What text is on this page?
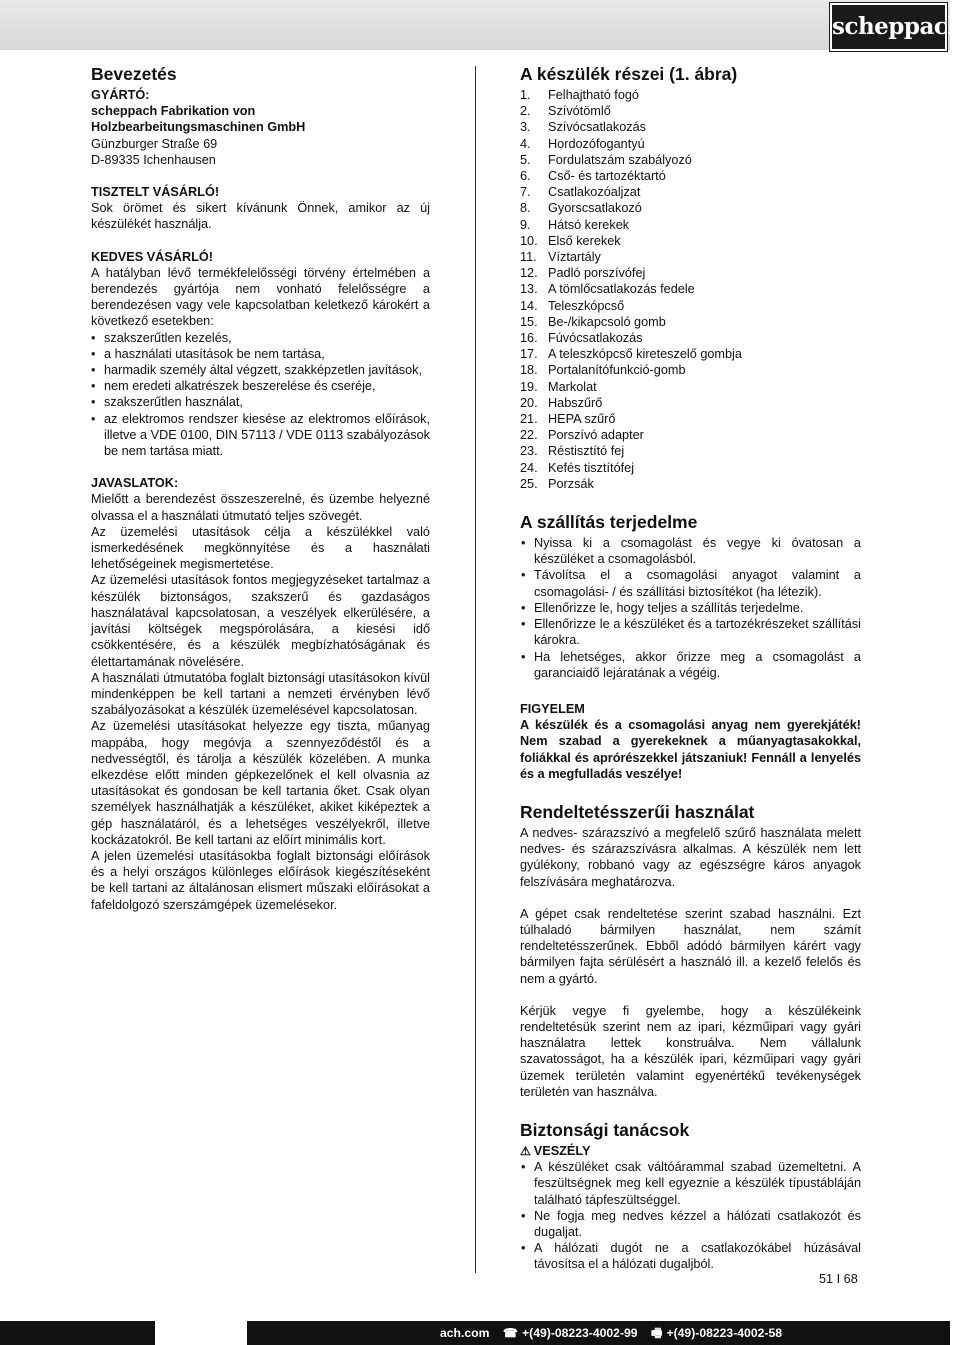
scheppach
Bevezetés
GYÁRTÓ:
scheppach Fabrikation von
Holzbearbeitungsmaschinen GmbH
Günzburger Straße 69
D-89335 Ichenhausen
TISZTELT VÁSÁRLÓ!

Sok örömet és sikert kívánunk Önnek, amikor az új készülékét használja.

KEDVES VÁSÁRLÓ!

A hatályban lévő termékfelelősségi törvény értelmében a berendezés gyártója nem vonható felelősségre a berendezésen vagy vele kapcsolatban keletkező károkért a következő esetekben:

• szakszerűtlen kezelés,
• a használati utasítások be nem tartása,
• harmadik személy által végzett, szakképzetlen javítások,
• nem eredeti alkatrészek beszerelése és cseréje,
• szakszerűtlen használat,
• az elektromos rendszer kiesése az elektromos előírások, illetve a VDE 0100, DIN 57113 / VDE 0113 szabályozások be nem tartása miatt.
JAVASLATOK:

Mielőtt a berendezést összeszerelné, és üzembe helyezné olvassa el a használati útmutató teljes szövegét.

Az üzemelési utasítások célja a készülékkel való ismerkedésének megkönnyítése és a használati lehetőségeinek megismertetése.

Az üzemelési utasítások fontos megjegyzéseket tartalmaz a készülék biztonságos, szakszerű és gazdaságos használatával kapcsolatosan, a veszélyek elkerülésére, a javítási költségek megspórolására, a kiesési idő csökkentésére, és a készülék megbízhatóságának és élettartamának növelésére.

A használati útmutatóba foglalt biztonsági utasításokon kívül mindenképpen be kell tartani a nemzeti érvényben lévő szabályozásokat a készülék üzemelésével kapcsolatosan.

Az üzemelési utasításokat helyezze egy tiszta, műanyag mappába, hogy megóvja a szennyeződéstől és a nedvességtől, és tárolja a készülék közelében. A munka elkezdése előtt minden gépkezelőnek el kell olvasnia az utasításokat és gondosan be kell tartania őket. Csak olyan személyek használhatják a készüléket, akiket kiképeztek a gép használatáról, és a lehetséges veszélyekről, illetve kockázatokról. Be kell tartani az előírt minimális kort.

A jelen üzemelési utasításokba foglalt biztonsági előírások és a helyi országos különleges előírások kiegészítéseként be kell tartani az általánosan elismert műszaki előírásokat a fafeldolgozó szerszámgépek üzemelésekor.

A készülék részei (1. ábra)
1.	Felhajtható fogó
2.	Szívótömlő
3.	Szívócsatlakozás
4.	Hordozófogantyú
5.	Fordulatszám szabályozó
6.	Cső- és tartozéktartó
7.	Csatlakozóaljzat
8.	Gyorscsatlakozó
9.	Hátsó kerekek
10. Első kerekek
11. Víztartály
12. Padló porszívófej
13. A tömlőcsatlakozás fedele
14. Teleszkópcső
15. Be-/kikapcsoló gomb
16. Fúvócsatlakozás
17. A teleszkópcső kireteszelő gombja
18. Portalanítófunkció-gomb
19. Markolat
20. Habszűrő
21. HEPA szűrő
22. Porszívó adapter
23. Réstisztító fej
24. Kefés tisztítófej
25. Porzsák
A szállítás terjedelme
• Nyissa ki a csomagolást és vegye ki óvatosan a készüléket a csomagolásból.
• Távolítsa el a csomagolási anyagot valamint a csomagolási- / és szállítási biztosítékot (ha létezik).
• Ellenőrizze le, hogy teljes a szállítás terjedelme.
• Ellenőrizze le a készüléket és a tartozékrészeket szállítási károkra.
• Ha lehetséges, akkor őrizze meg a csomagolást a garanciaidő lejáratának a végéig.
FIGYELEM

A készülék és a csomagolási anyag nem gyerekjáték! Nem szabad a gyerekeknek a műanyagtasakokkal, foliákkal és aprórészekkel játszaniuk! Fennáll a lenyelés és a megfulladás veszélye!

Rendeltetésszerűi használat

A nedves- szárazszívó a megfelelő szűrő használata melett nedves- és szárazszívásra alkalmas. A készülék nem lett gyúlékony, robbanó vagy az egészségre káros anyagok felszívására meghatározva.

A gépet csak rendeltetése szerint szabad használni. Ezt túlhaladó bármilyen használat, nem számít rendeltetésszerűnek. Ebből adódó bármilyen kárért vagy bármilyen fajta sérülésért a használó ill. a kezelő felelős és nem a gyártó.

Kérjük vegye fi gyelembe, hogy a készülékeink rendeltetésük szerint nem az ipari, kézműipari vagy gyári használatra lettek konstruálva. Nem vállalunk szavatosságot, ha a készülék ipari, kézműipari vagy gyári üzemek területén valamint egyenértékű tevékenységek területén van használva.

Biztonsági tanácsok
⚠ VESZÉLY
• A készüléket csak váltóárammal szabad üzemeltetni. A feszültségnek meg kell egyeznie a készülék típustábláján található tápfeszültséggel.
• Ne fogja meg nedves kézzel a hálózati csatlakozót és dugaljat.
• A hálózati dugót ne a csatlakozókábel húzásával távosítsa el a hálózati dugaljból.
51 I 68
ach.com ☎ +(49)-08223-4002-99 🖷 +(49)-08223-4002-58
